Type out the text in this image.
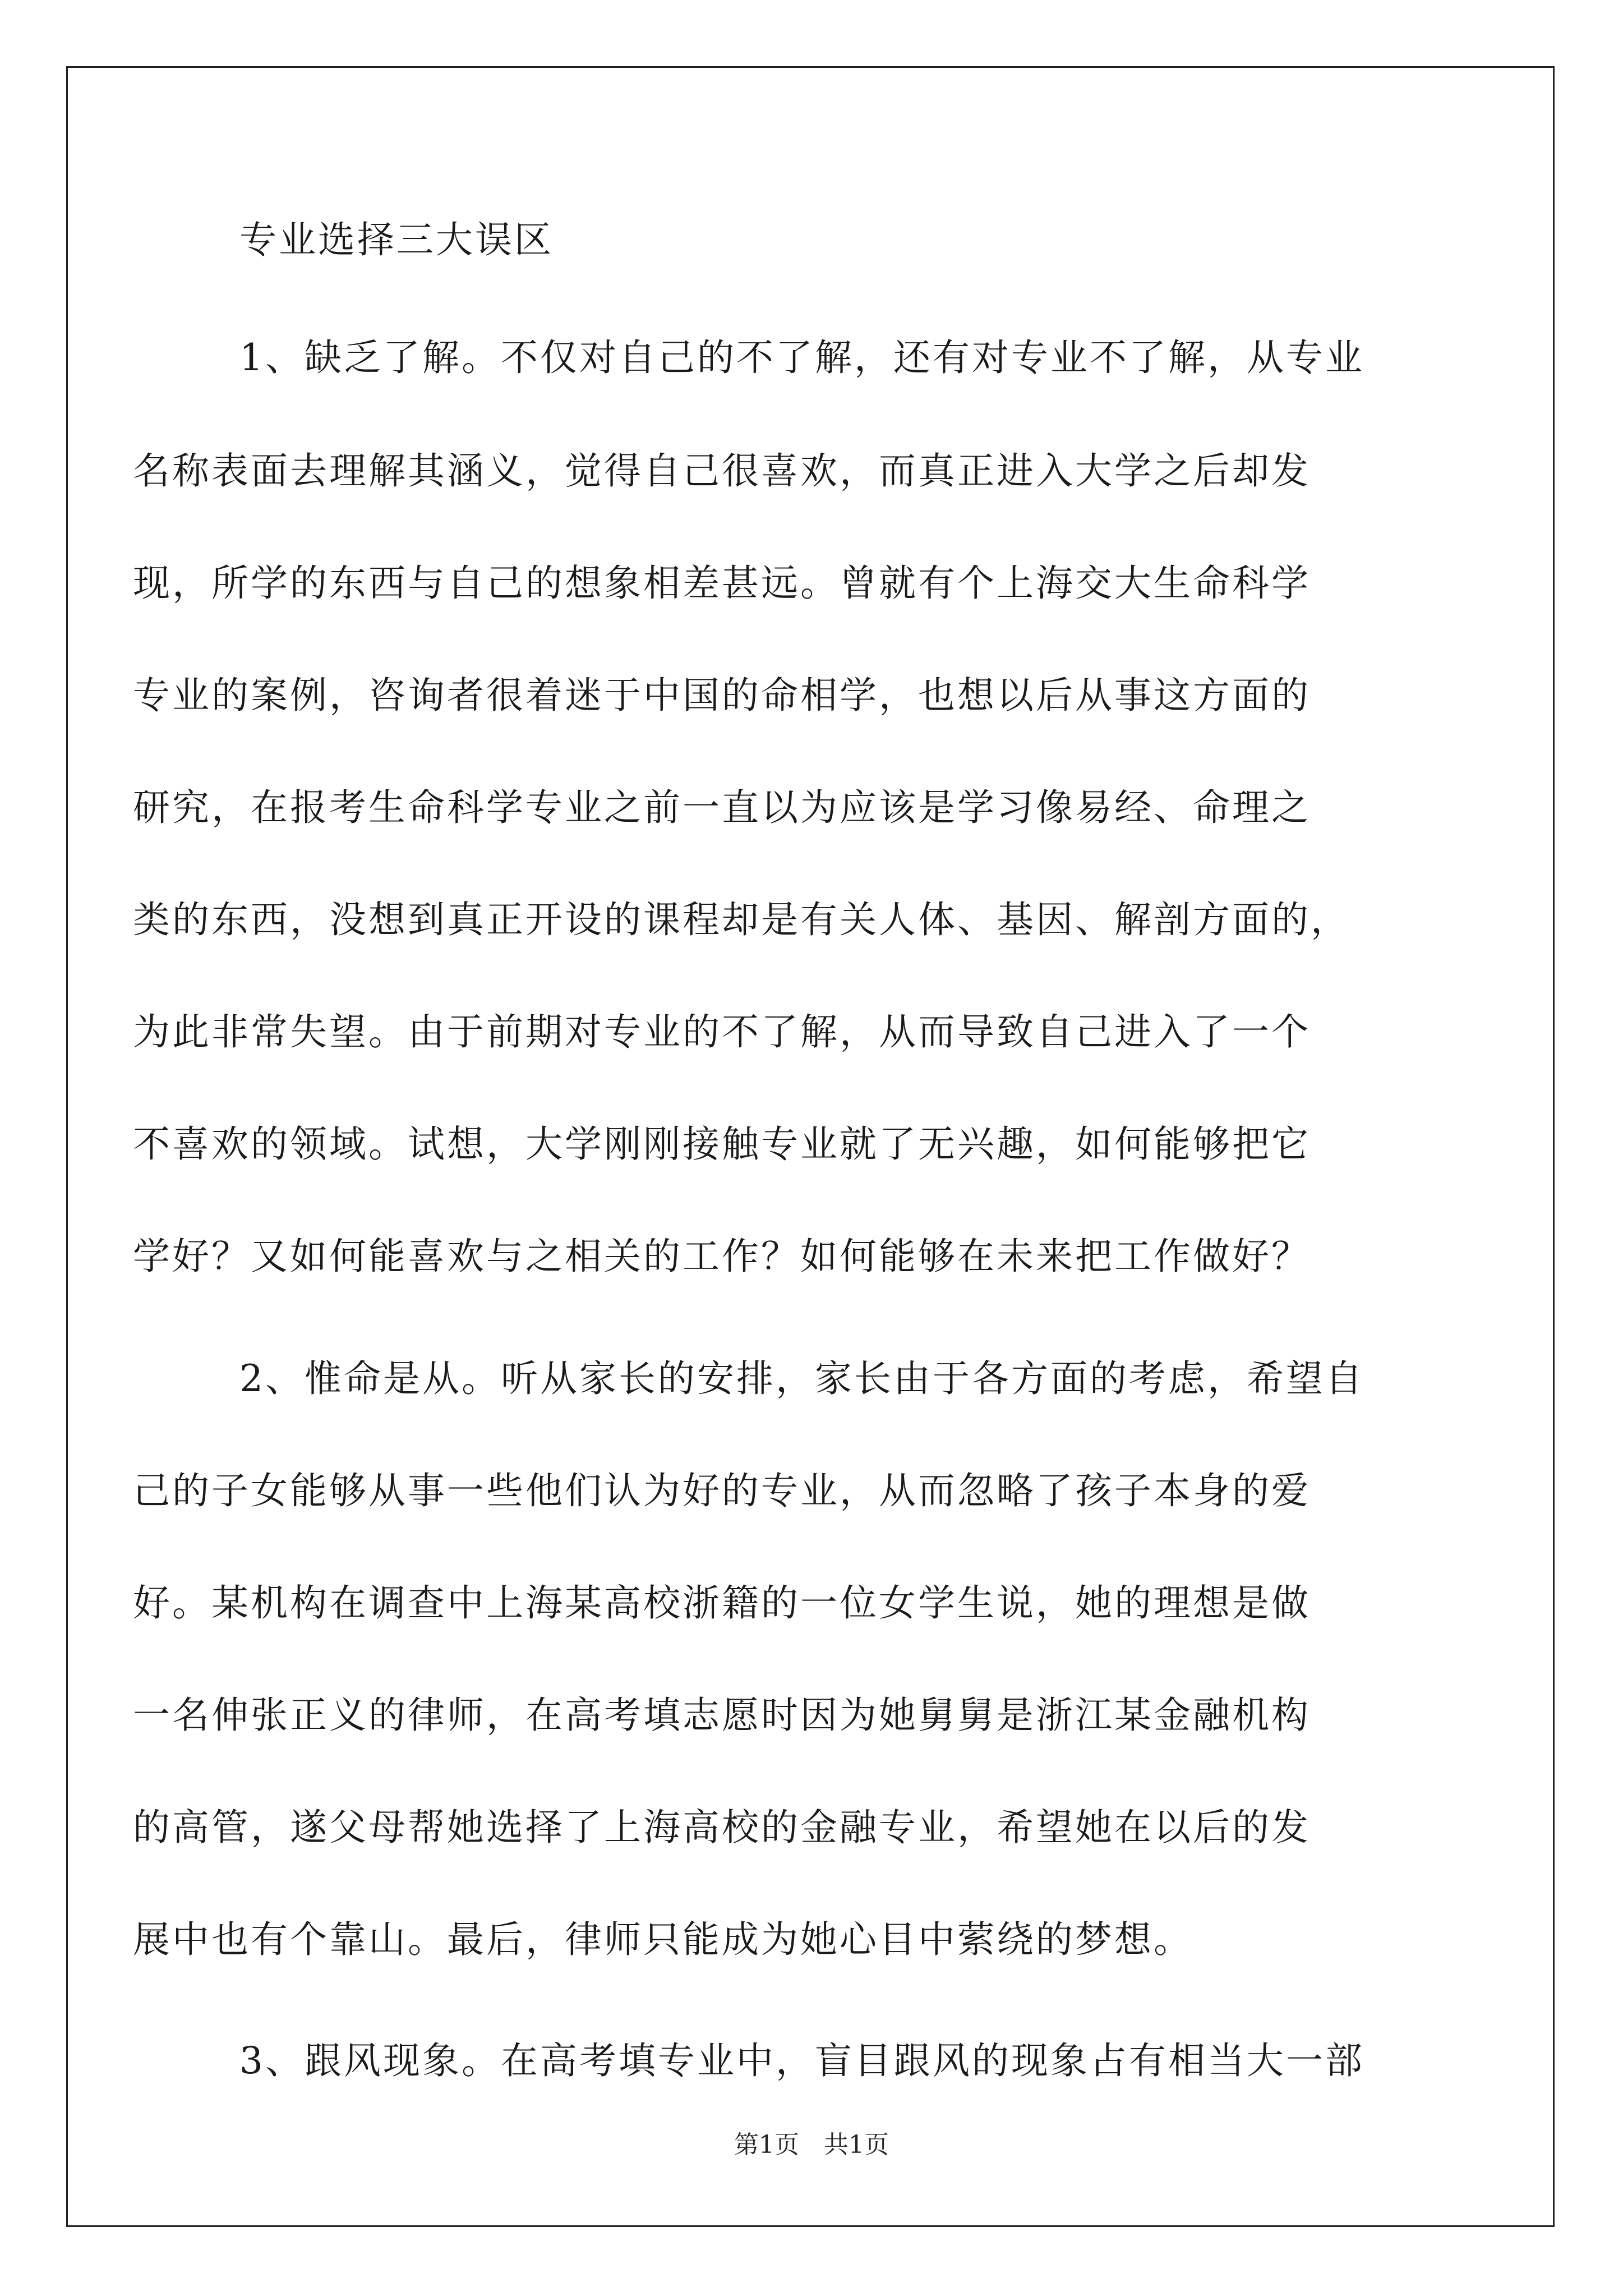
专业选择三大误区
1、缺乏了解。不仅对自己的不了解，还有对专业不了解，从专业
名称表面去理解其涵义，觉得自己很喜欢，而真正进入大学之后却发
现，所学的东西与自己的想象相差甚远。曾就有个上海交大生命科学
专业的案例，咨询者很着迷于中国的命相学，也想以后从事这方面的
研究，在报考生命科学专业之前一直以为应该是学习像易经、命理之
类的东西，没想到真正开设的课程却是有关人体、基因、解剖方面的，
为此非常失望。由于前期对专业的不了解，从而导致自己进入了一个
不喜欢的领域。试想，大学刚刚接触专业就了无兴趣，如何能够把它
学好？又如何能喜欢与之相关的工作？如何能够在未来把工作做好？
2、惟命是从。听从家长的安排，家长由于各方面的考虑，希望自
己的子女能够从事一些他们认为好的专业，从而忽略了孩子本身的爱
好。某机构在调查中上海某高校浙籍的一位女学生说，她的理想是做
一名伸张正义的律师，在高考填志愿时因为她舅舅是浙江某金融机构
的高管，遂父母帮她选择了上海高校的金融专业，希望她在以后的发
展中也有个靠山。最后，律师只能成为她心目中萦绕的梦想。
3、跟风现象。在高考填专业中，盲目跟风的现象占有相当大一部
第1页 共1页
